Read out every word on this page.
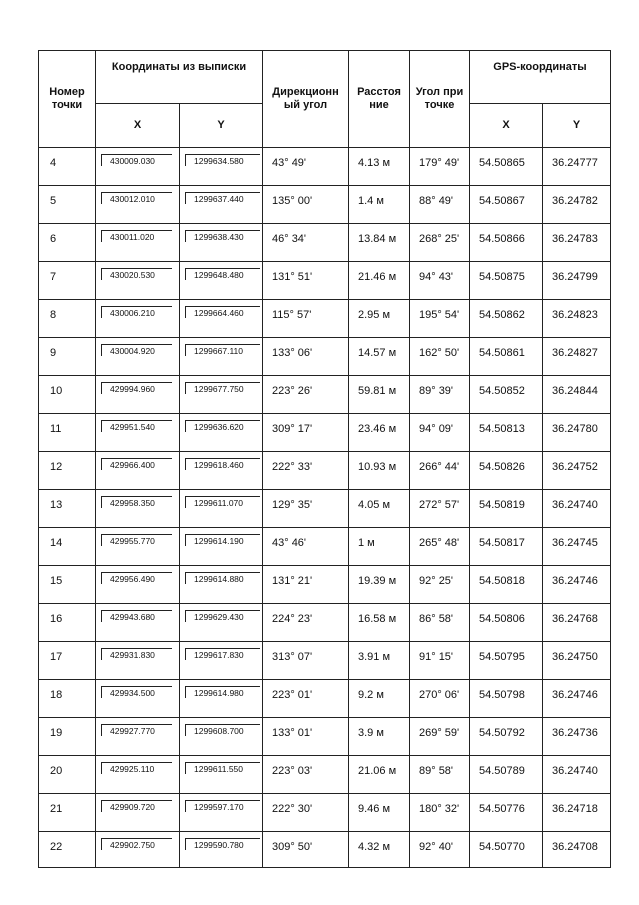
Номер точки	Координаты из выписки		Дирекционн ый угол	Расстоя ние	Угол при точке	GPS-координаты	
	X	Y				X	Y

4	430009.030	1299634.580	43° 49'	4.13 м	179° 49'	54.50865	36.24777

5	430012.010	1299637.440	135° 00'	1.4 м	88° 49'	54.50867	36.24782

6	430011.020	1299638.430	46° 34'	13.84 м	268° 25'	54.50866	36.24783

7	430020.530	1299648.480	131° 51'	21.46 м	94° 43'	54.50875	36.24799

8	430006.210	1299664.460	115° 57'	2.95 м	195° 54'	54.50862	36.24823

9	430004.920	1299667.110	133° 06'	14.57 м	162° 50'	54.50861	36.24827

10	429994.960	1299677.750	223° 26'	59.81 м	89° 39'	54.50852	36.24844

11	429951.540	1299636.620	309° 17'	23.46 м	94° 09'	54.50813	36.24780

12	429966.400	1299618.460	222° 33'	10.93 м	266° 44'	54.50826	36.24752

13	429958.350	1299611.070	129° 35'	4.05 м	272° 57'	54.50819	36.24740

14	429955.770	1299614.190	43° 46'	1 м	265° 48'	54.50817	36.24745

15	429956.490	1299614.880	131° 21'	19.39 м	92° 25'	54.50818	36.24746

16	429943.680	1299629.430	224° 23'	16.58 м	86° 58'	54.50806	36.24768

17	429931.830	1299617.830	313° 07'	3.91 м	91° 15'	54.50795	36.24750

18	429934.500	1299614.980	223° 01'	9.2 м	270° 06'	54.50798	36.24746

19	429927.770	1299608.700	133° 01'	3.9 м	269° 59'	54.50792	36.24736

20	429925.110	1299611.550	223° 03'	21.06 м	89° 58'	54.50789	36.24740

21	429909.720	1299597.170	222° 30'	9.46 м	180° 32'	54.50776	36.24718

22	429902.750	1299590.780	309° 50'	4.32 м	92° 40'	54.50770	36.24708
